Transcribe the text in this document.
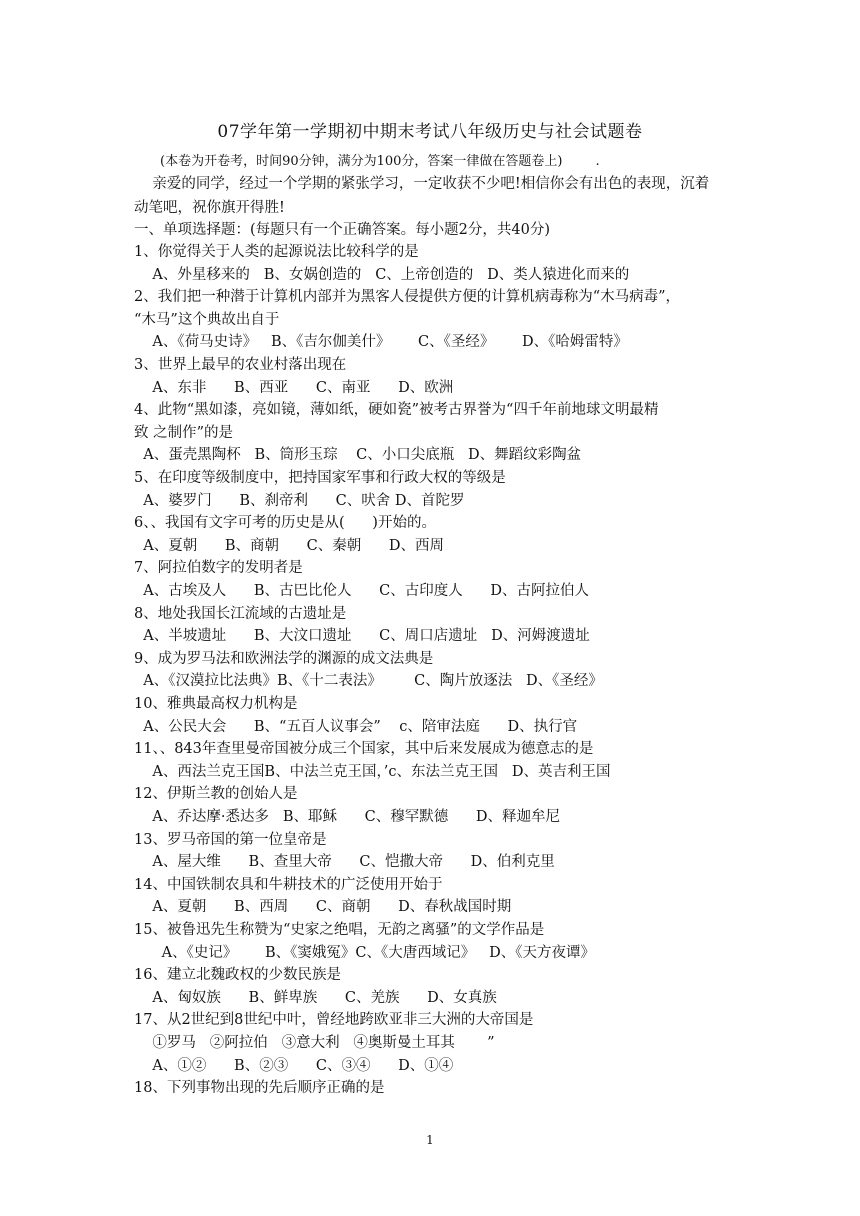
07学年第一学期初中期末考试八年级历史与社会试题卷
(本卷为开卷考，时间90分钟，满分为100分，答案一律做在答题卷上)        .
亲爱的同学，经过一个学期的紧张学习，一定收获不少吧!相信你会有出色的表现，沉着
动笔吧，祝你旗开得胜!
一、单项选择题：(每题只有一个正确答案。每小题2分，共40分)
1、你觉得关于人类的起源说法比较科学的是
A、外星移来的   B、女娲创造的   C、上帝创造的   D、类人猿进化而来的
2、我们把一种潜于计算机内部并为黑客人侵提供方便的计算机病毒称为“木马病毒”，
“木马”这个典故出自于
A、《荷马史诗》   B、《吉尔伽美什》      C、《圣经》      D、《哈姆雷特》
3、世界上最早的农业村落出现在
A、东非      B、西亚      C、南亚      D、欧洲
4、此物“黑如漆，亮如镜，薄如纸，硬如瓷”被考古界誉为“四千年前地球文明最精
致 之制作”的是
A、蛋壳黑陶杯   B、筒形玉琮    C、小口尖底瓶   D、舞蹈纹彩陶盆
5、在印度等级制度中，把持国家军事和行政大权的等级是
A、婆罗门      B、刹帝利      C、吠舍 D、首陀罗
6、、我国有文字可考的历史是从(      )开始的。
A、夏朝      B、商朝      C、秦朝      D、西周
7、阿拉伯数字的发明者是
A、古埃及人      B、古巴比伦人      C、古印度人      D、古阿拉伯人
8、地处我国长江流域的古遗址是
A、半坡遗址      B、大汶口遗址      C、周口店遗址   D、河姆渡遗址
9、成为罗马法和欧洲法学的渊源的成文法典是
A、《汉漠拉比法典》B、《十二表法》       C、陶片放逐法   D、《圣经》
10、雅典最高权力机构是
A、公民大会      B、“五百人议事会”    c、陪审法庭      D、执行官
11、、843年查里曼帝国被分成三个国家，其中后来发展成为德意志的是
A、西法兰克王国B、中法兰克王国，’c、东法兰克王国   D、英吉利王国
12、伊斯兰教的创始人是
A、乔达摩·悉达多   B、耶稣      C、穆罕默德      D、释迦牟尼
13、罗马帝国的第一位皇帝是
A、屋大维      B、查里大帝      C、恺撒大帝      D、伯利克里
14、中国铁制农具和牛耕技术的广泛使用开始于
A、夏朝      B、西周      C、商朝      D、春秋战国时期
15、被鲁迅先生称赞为“史家之绝唱，无韵之离骚”的文学作品是
A、《史记》      B、《窦娥冤》C、《大唐西域记》   D、《天方夜谭》
16、建立北魏政权的少数民族是
A、匈奴族      B、鲜卑族      C、羌族      D、女真族
17、从2世纪到8世纪中叶，曾经地跨欧亚非三大洲的大帝国是
①罗马   ②阿拉伯   ③意大利   ④奥斯曼土耳其       ”
A、①②      B、②③      C、③④      D、①④
18、下列事物出现的先后顺序正确的是
1
